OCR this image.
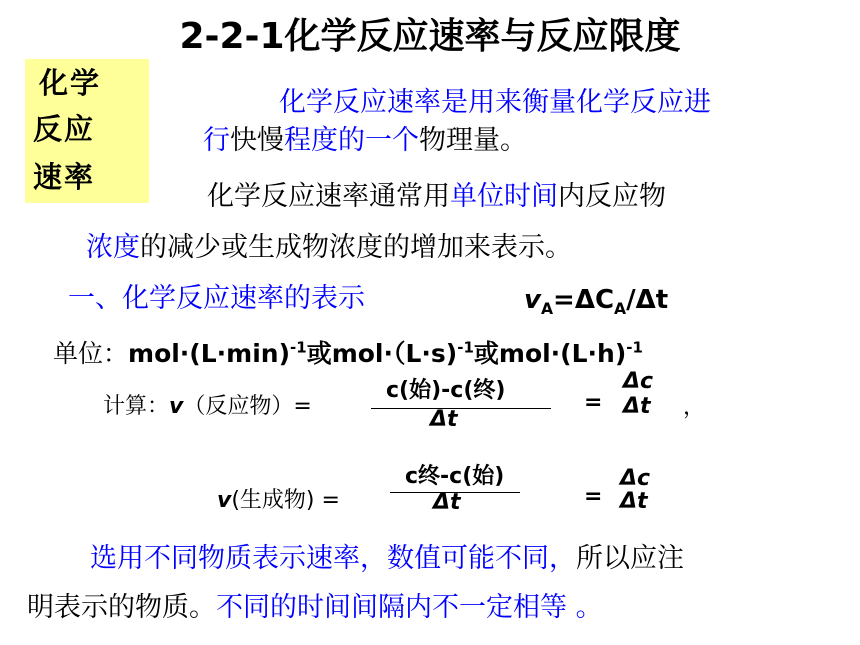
2-2-1化学反应速率与反应限度
化学
反应
速率
化学反应速率是用来衡量化学反应进
行快慢程度的一个物理量。
化学反应速率通常用单位时间内反应物
浓度的减少或生成物浓度的增加来表示。
一、化学反应速率的表示	$v_A=\Delta C_A/\Delta t$
单位：$mol\cdot(L\cdot\min)^{-1}$或mol·（L·s)$^{-1}$或$mol\cdot(L\cdot h)^{-1}$
计算：v（反应物）=
c(始)-c(终)
Δt
=
Δc
Δt ，
v(生成物) =
c终-c(始)
Δt	=
Δc
Δt
选用不同物质表示速率，数值可能不同，所以应注
明表示的物质。不同的时间间隔内不一定相等 。
